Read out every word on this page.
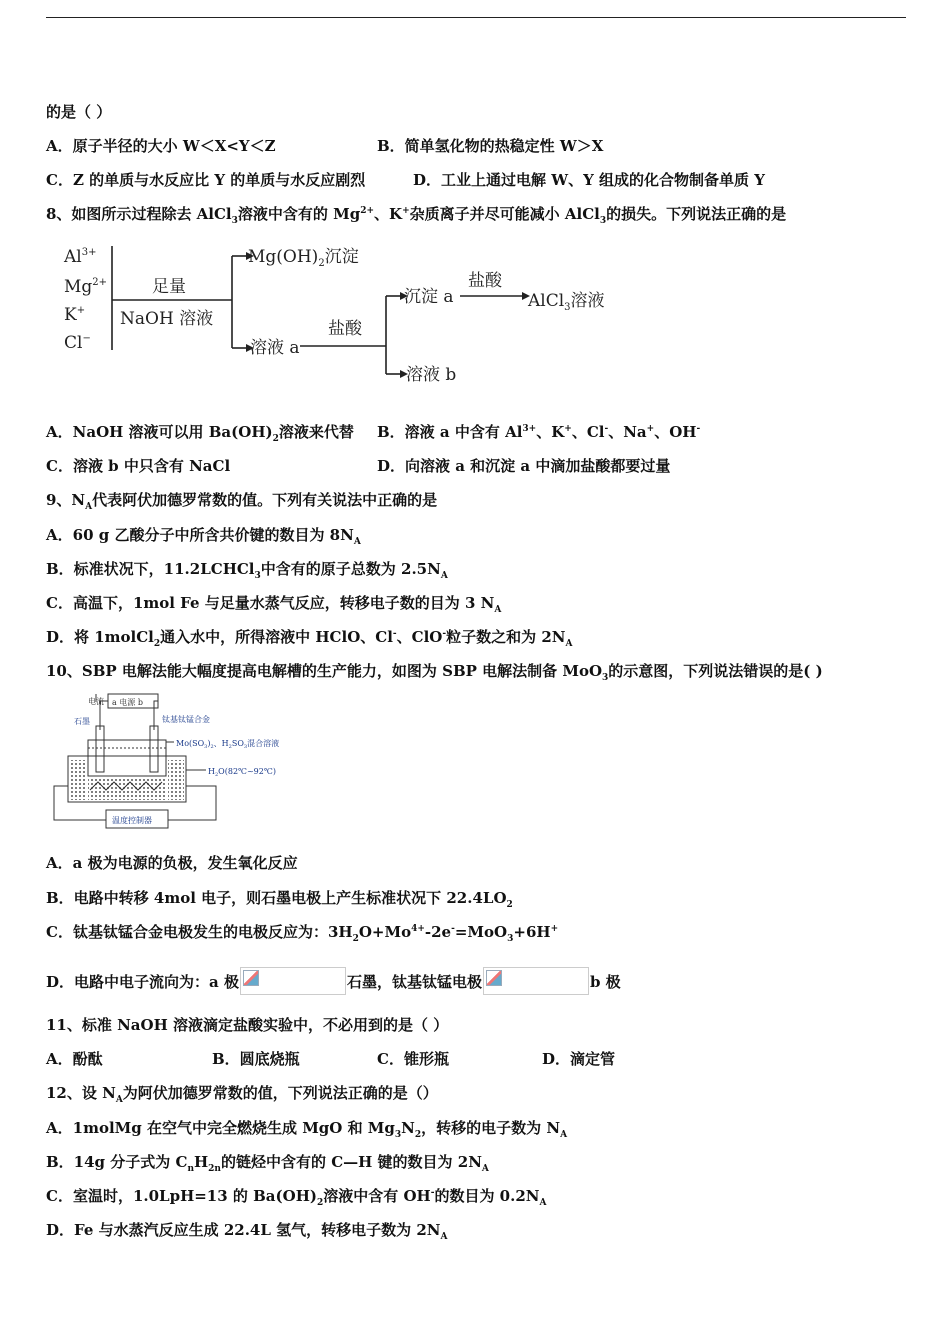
的是（ ）
A．原子半径的大小 W＜X<Y＜Z	B．简单氢化物的热稳定性 W＞X
C．Z 的单质与水反应比 Y 的单质与水反应剧烈	D．工业上通过电解 W、Y 组成的化合物制备单质 Y
8、如图所示过程除去 AlCl$_3$溶液中含有的 $Mg^{2+}$、K+杂质离子并尽可能减小 AlCl$_3$的损失。下列说法正确的是
$Al^{3+}$
$Mg^{2+}$
K+
Cl−
足量
NaOH 溶液
$Mg(OH)_2$沉淀
溶液 a
盐酸
沉淀 a
盐酸
AlCl$_3$溶液
溶液 b
A．NaOH 溶液可以用 $Ba(OH)_2$溶液来代替 B．溶液 a 中含有 $Al^{3+}$、K+、Cl-、Na+、OH-
C．溶液 b 中只含有 NaCl	D．向溶液 a 和沉淀 a 中滴加盐酸都要过量
9、$N_A$代表阿伏加德罗常数的值。下列有关说法中正确的是
A．60 g 乙酸分子中所含共价键的数目为 $8N_A$
B．标准状况下，11.2LCHCl$_3$中含有的原子总数为 $2.5N_A$
C．高温下，1mol Fe 与足量水蒸气反应，转移电子数的目为 3 $N_A$
D．将 1molCl$_2$通入水中，所得溶液中 HClO、Cl-、ClO-粒子数之和为 $2N_A$
10、SBP 电解法能大幅度提高电解槽的生产能力，如图为 SBP 电解法制备 MoO$_3$的示意图，下列说法错误的是( )
电流
石墨	钛基钛锰合金
$Mo(SO_3)_2$、$H_2SO_3$混合溶液
$H_2O(82℃\sim 92℃)$
a 电源 b
温度控制器
A．a 极为电源的负极，发生氧化反应
B．电路中转移 4mol 电子，则石墨电极上产生标准状况下 $22.4LO_2$
C．钛基钛锰合金电极发生的电极反应为：$3H_2O+Mo^{4+}-2e^-=MoO_3+6H^+$
D．电路中电子流向为：a 极	石墨，钛基钛锰电极	b 极
11、标准 NaOH 溶液滴定盐酸实验中，不必用到的是（ ）
A．酚酞	B．圆底烧瓶	C．锥形瓶	D．滴定管
12、设 $N_A$为阿伏加德罗常数的值，下列说法正确的是（）
A．1molMg 在空气中完全燃烧生成 MgO 和 $Mg_3N_2$，转移的电子数为 $N_A$
B．14g 分子式为 $C_nH_{2n}$的链烃中含有的 C—H 键的数目为 $2N_A$
C．室温时，1.0LpH=13 的 $Ba(OH)_2$溶液中含有 OH-的数目为 $0.2N_A$
D．Fe 与水蒸汽反应生成 22.4L 氢气，转移电子数为 $2N_A$
